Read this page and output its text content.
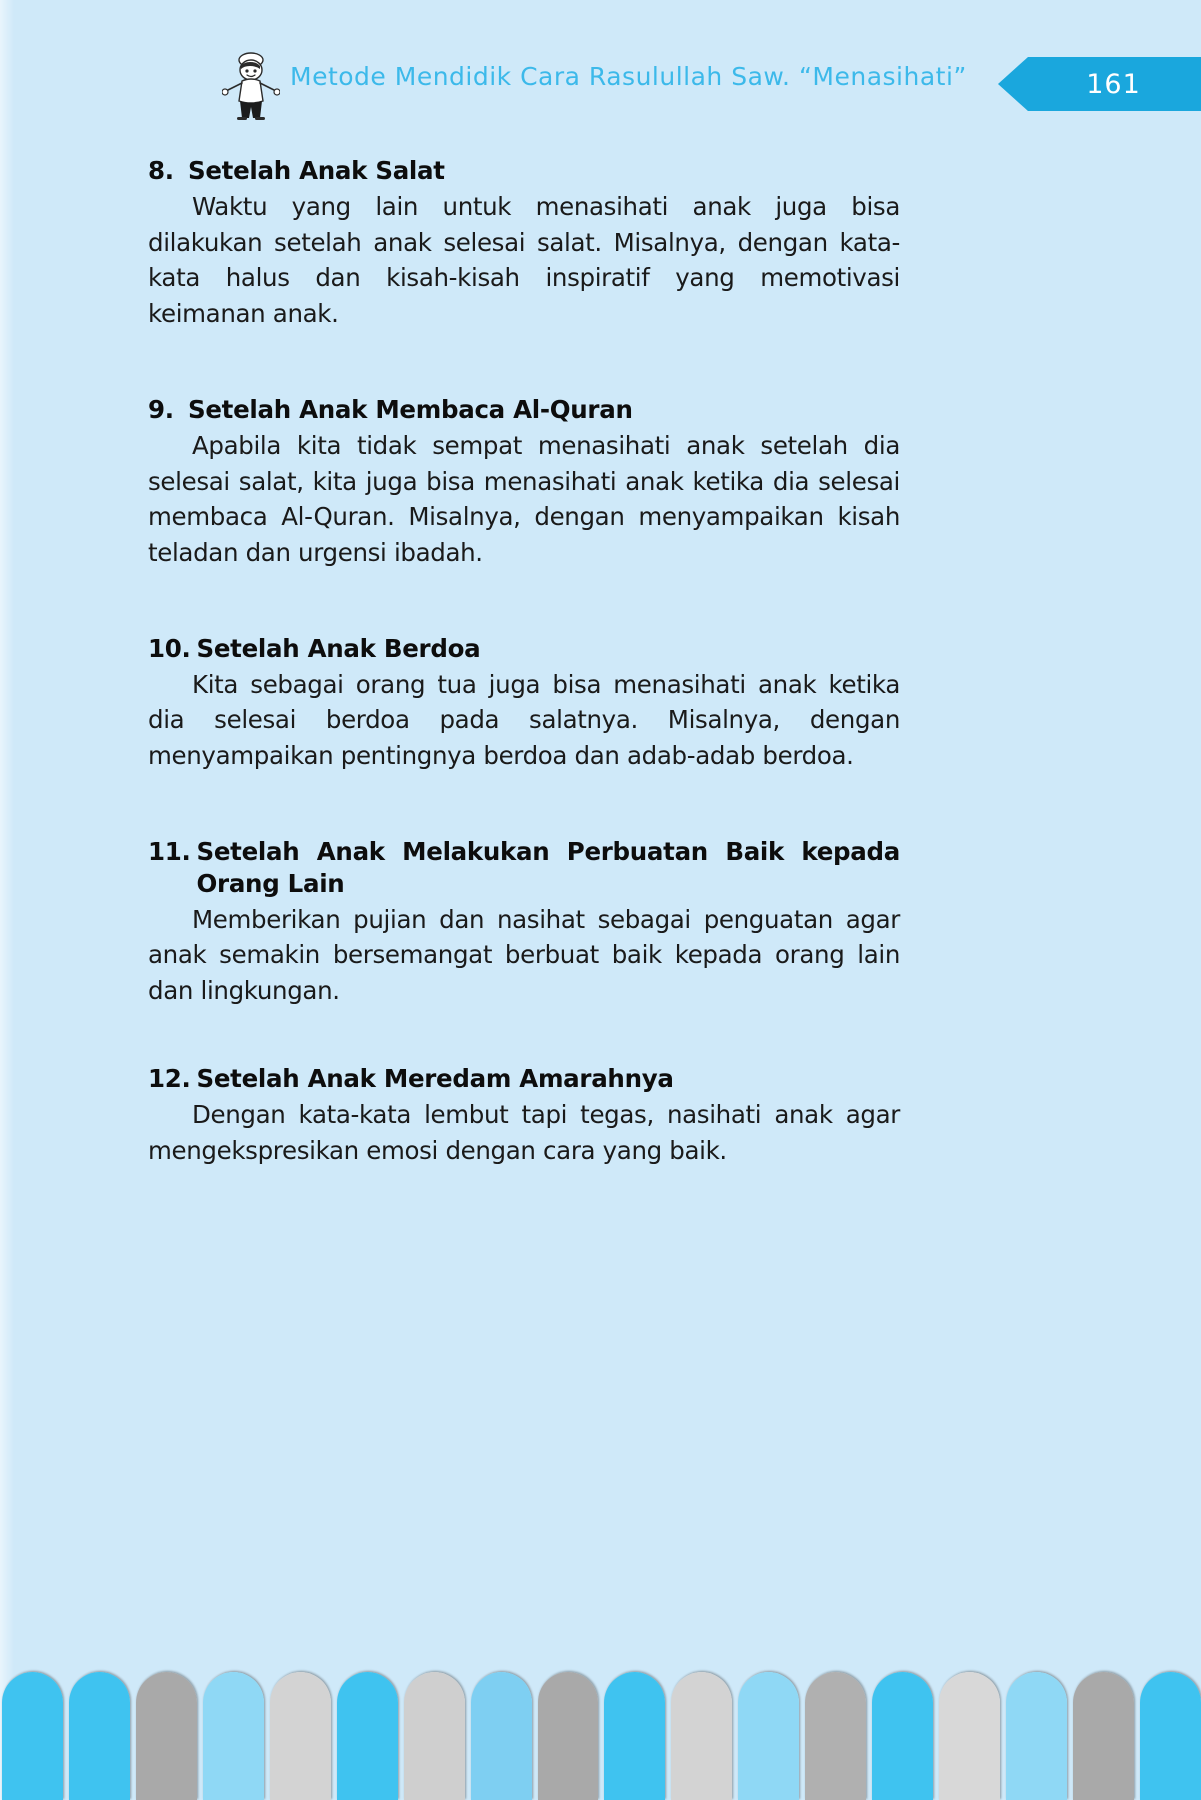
Metode Mendidik Cara Rasulullah Saw. “Menasihati”	161
8. Setelah Anak Salat
Waktu yang lain untuk menasihati anak juga bisa dilakukan setelah anak selesai salat. Misalnya, dengan kata-kata halus dan kisah-kisah inspiratif yang memotivasi keimanan anak.
9. Setelah Anak Membaca Al-Quran
Apabila kita tidak sempat menasihati anak setelah dia selesai salat, kita juga bisa menasihati anak ketika dia selesai membaca Al-Quran. Misalnya, dengan menyampaikan kisah teladan dan urgensi ibadah.
10. Setelah Anak Berdoa
Kita sebagai orang tua juga bisa menasihati anak ketika dia selesai berdoa pada salatnya. Misalnya, dengan menyampaikan pentingnya berdoa dan adab-adab berdoa.
11. Setelah Anak Melakukan Perbuatan Baik kepada Orang Lain
Memberikan pujian dan nasihat sebagai penguatan agar anak semakin bersemangat berbuat baik kepada orang lain dan lingkungan.
12. Setelah Anak Meredam Amarahnya
Dengan kata-kata lembut tapi tegas, nasihati anak agar mengekspresikan emosi dengan cara yang baik.
